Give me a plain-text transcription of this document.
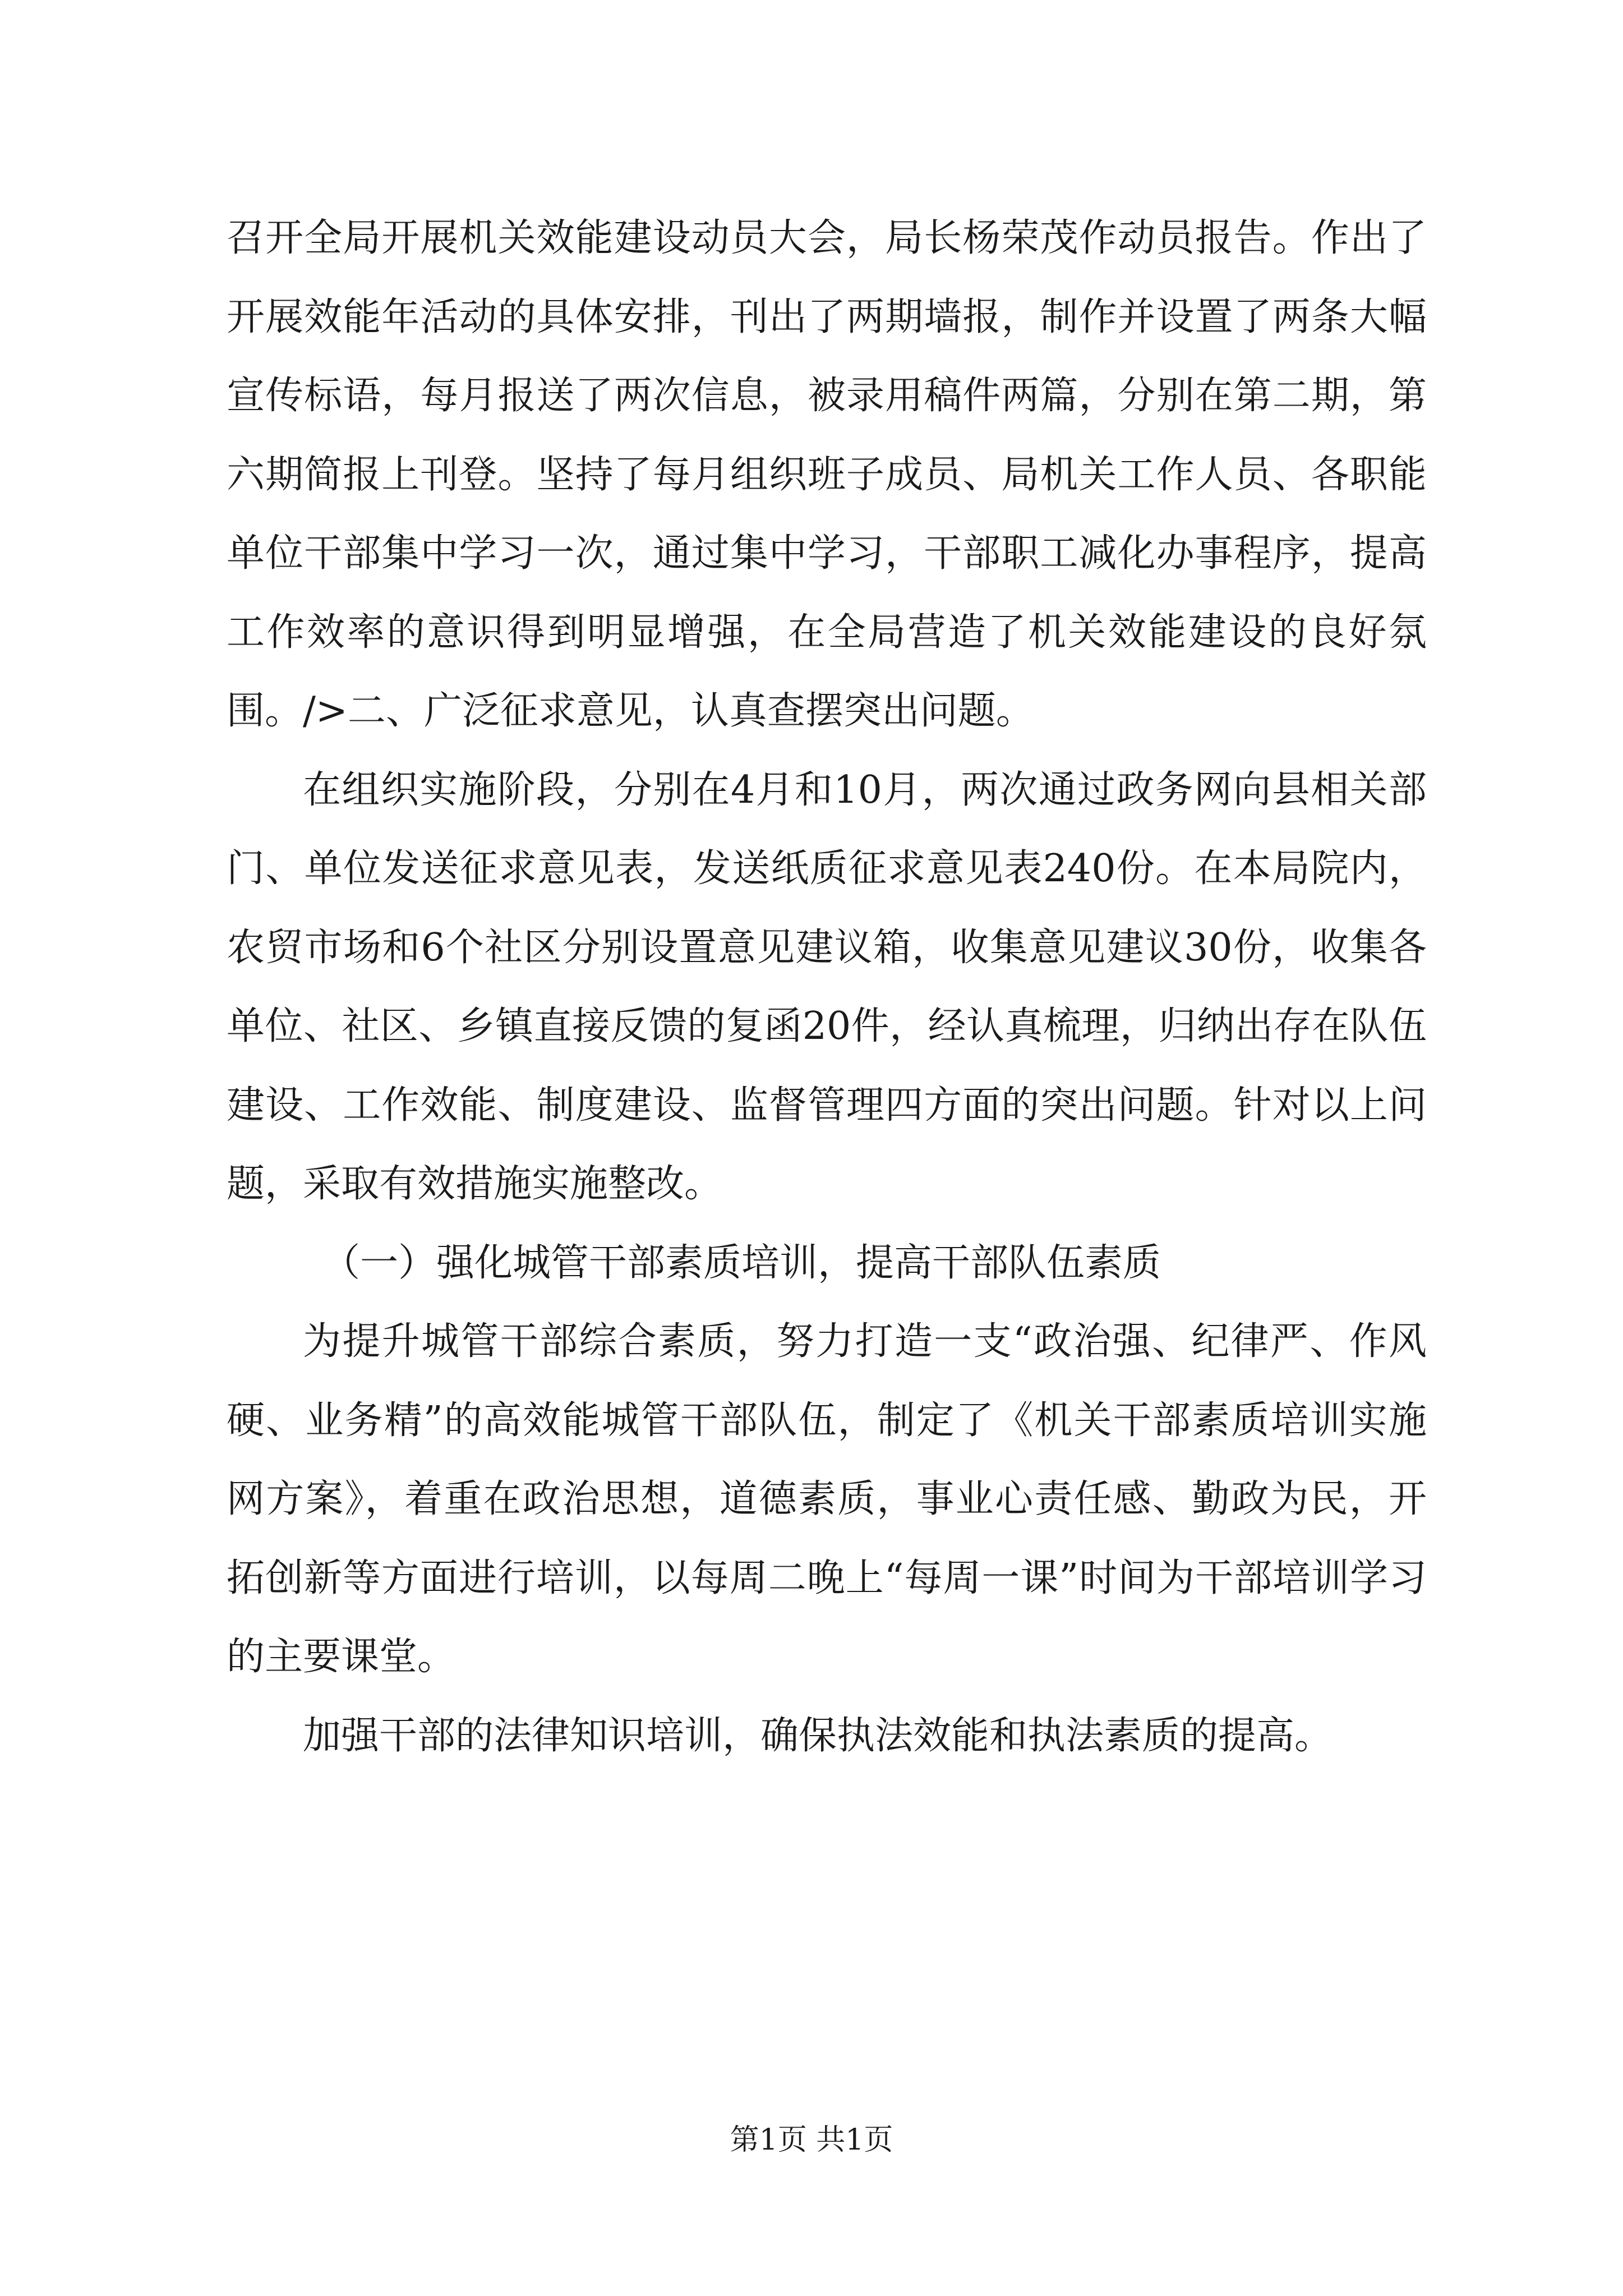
召开全局开展机关效能建设动员大会，局长杨荣茂作动员报告。作出了开展效能年活动的具体安排，刊出了两期墙报，制作并设置了两条大幅宣传标语，每月报送了两次信息，被录用稿件两篇，分别在第二期，第六期简报上刊登。坚持了每月组织班子成员、局机关工作人员、各职能单位干部集中学习一次，通过集中学习，干部职工减化办事程序，提高工作效率的意识得到明显增强，在全局营造了机关效能建设的良好氛围。/>二、广泛征求意见，认真查摆突出问题。

在组织实施阶段，分别在4月和10月，两次通过政务网向县相关部门、单位发送征求意见表，发送纸质征求意见表240份。在本局院内，农贸市场和6个社区分别设置意见建议箱，收集意见建议30份，收集各单位、社区、乡镇直接反馈的复函20件，经认真梳理，归纳出存在队伍建设、工作效能、制度建设、监督管理四方面的突出问题。针对以上问题，采取有效措施实施整改。

（一）强化城管干部素质培训，提高干部队伍素质

为提升城管干部综合素质，努力打造一支“政治强、纪律严、作风硬、业务精”的高效能城管干部队伍，制定了《机关干部素质培训实施网方案》，着重在政治思想，道德素质，事业心责任感、勤政为民，开拓创新等方面进行培训，以每周二晚上“每周一课”时间为干部培训学习的主要课堂。

加强干部的法律知识培训，确保执法效能和执法素质的提高。

第1页 共1页
